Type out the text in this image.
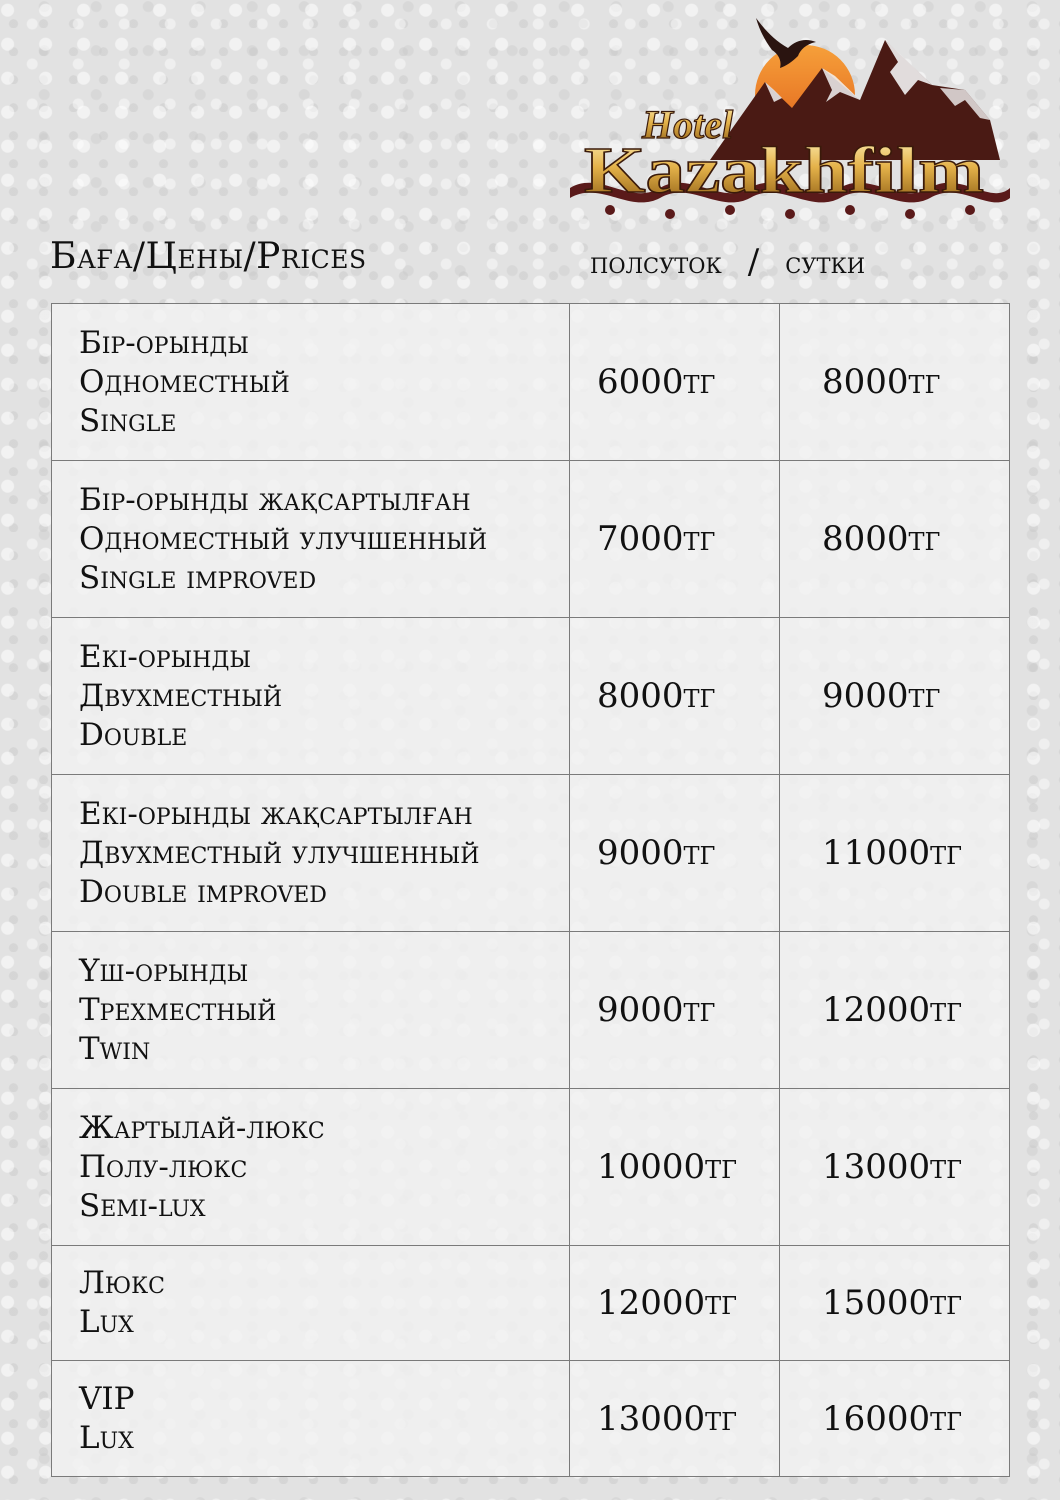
Hotel
Kazakhfilm
Баға/Цены/Prices	полсуток / сутки
Бір-орынды
Одноместный
Single	6000тг	8000тг

Бір-орынды жақсартылған
Одноместный улучшенный
Single improved	7000тг	8000тг

Екі-орынды
Двухместный
Double	8000тг	9000тг

Екі-орынды жақсартылған
Двухместный улучшенный
Double improved	9000тг	11000тг

Үш-орынды
Трехместный
Twin	9000тг	12000тг

Жартылай-люкс
Полу-люкс
Semi-lux	10000тг	13000тг

Люкс
Lux	12000тг	15000тг

VIP
Lux	13000тг	16000тг
